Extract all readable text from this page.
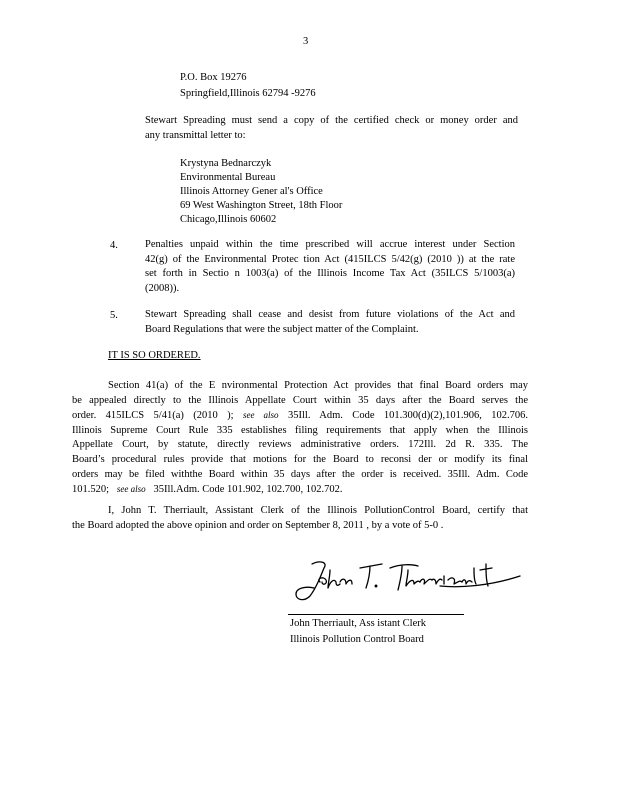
3
P.O. Box 19276
Springfield,Illinois 62794 -9276
Stewart Spreading must send a copy of the certified check or money order and
any transmittal letter to:
Krystyna Bednarczyk
Environmental Bureau
Illinois Attorney Gener al's Office
69 West Washington Street, 18th Floor
Chicago,Illinois 60602
4.	Penalties unpaid within the time prescribed will accrue interest under Section
42(g) of the Environmental Protec tion Act (415ILCS 5/42(g) (2010 )) at the rate
set forth in Sectio n 1003(a) of the Illinois Income Tax Act (35ILCS 5/1003(a)
(2008)).
5.	Stewart Spreading shall cease and desist from future violations of the Act and
Board Regulations that were the subject matter of the Complaint.
IT IS SO ORDERED.
Section 41(a) of the E nvironmental Protection Act provides that final Board orders may
be appealed directly to the Illinois Appellate Court within 35 days after the Board serves the
order. 415ILCS 5/41(a) (2010 ); see also 35Ill. Adm. Code 101.300(d)(2),101.906, 102.706.
Illinois Supreme Court Rule 335 establishes filing requirements that apply when the Illinois
Appellate Court, by statute, directly reviews administrative orders. 172Ill. 2d R. 335. The
Board’s procedural rules provide that motions for the Board to reconsi der or modify its final
orders may be filed withthe Board within 35 days after the order is received. 35Ill. Adm. Code
101.520; see also 35Ill.Adm. Code 101.902, 102.700, 102.702.
I, John T. Therriault, Assistant Clerk of the Illinois PollutionControl Board, certify that
the Board adopted the above opinion and order on September 8, 2011 , by a vote of 5-0 .
John Therriault, Ass istant Clerk
Illinois Pollution Control Board
